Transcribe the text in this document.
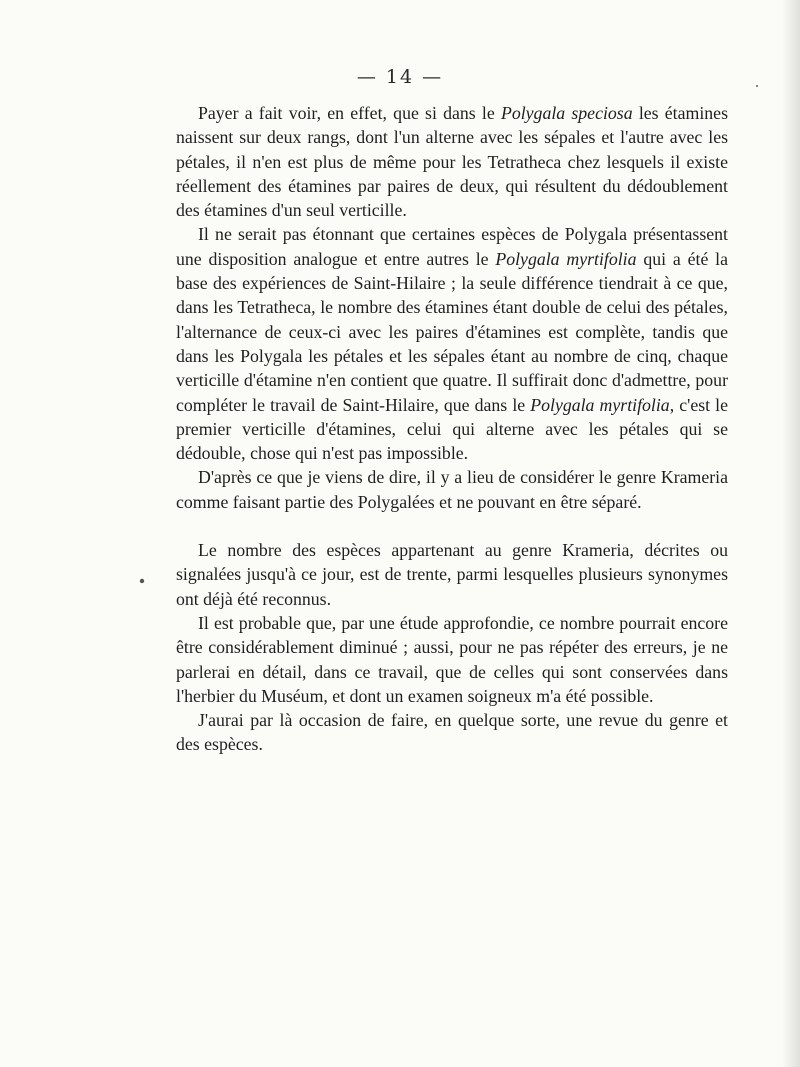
— 14 —

Payer a fait voir, en effet, que si dans le Polygala speciosa les étamines naissent sur deux rangs, dont l'un alterne avec les sépales et l'autre avec les pétales, il n'en est plus de même pour les Tetratheca chez lesquels il existe réellement des étamines par paires de deux, qui résultent du dédoublement des étamines d'un seul verticille.

Il ne serait pas étonnant que certaines espèces de Polygala présentassent une disposition analogue et entre autres le Polygala myrtifolia qui a été la base des expériences de Saint-Hilaire ; la seule différence tiendrait à ce que, dans les Tetratheca, le nombre des étamines étant double de celui des pétales, l'alternance de ceux-ci avec les paires d'étamines est complète, tandis que dans les Polygala les pétales et les sépales étant au nombre de cinq, chaque verticille d'étamine n'en contient que quatre. Il suffirait donc d'admettre, pour compléter le travail de Saint-Hilaire, que dans le Polygala myrtifolia, c'est le premier verticille d'étamines, celui qui alterne avec les pétales qui se dédouble, chose qui n'est pas impossible.

D'après ce que je viens de dire, il y a lieu de considérer le genre Krameria comme faisant partie des Polygalées et ne pouvant en être séparé.

Le nombre des espèces appartenant au genre Krameria, décrites ou signalées jusqu'à ce jour, est de trente, parmi lesquelles plusieurs synonymes ont déjà été reconnus.

Il est probable que, par une étude approfondie, ce nombre pourrait encore être considérablement diminué ; aussi, pour ne pas répéter des erreurs, je ne parlerai en détail, dans ce travail, que de celles qui sont conservées dans l'herbier du Muséum, et dont un examen soigneux m'a été possible.

J'aurai par là occasion de faire, en quelque sorte, une revue du genre et des espèces.
